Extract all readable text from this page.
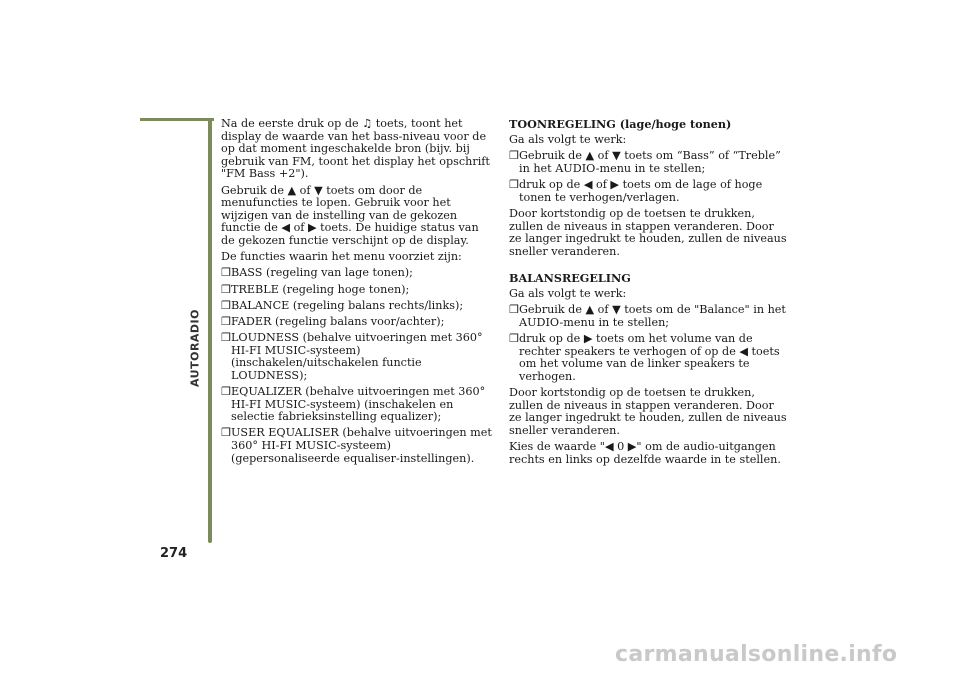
AUTORADIO
274

Na de eerste druk op de ♫ toets, toont het display de waarde van het bass-niveau voor de op dat moment ingeschakelde bron (bijv. bij gebruik van FM, toont het display het opschrift "FM Bass +2").

Gebruik de ▲ of ▼ toets om door de menufuncties te lopen. Gebruik voor het wijzigen van de instelling van de gekozen functie de ◀ of ▶ toets. De huidige status van de gekozen functie verschijnt op de display.

De functies waarin het menu voorziet zijn:

❒ BASS (regeling van lage tonen);
❒ TREBLE (regeling hoge tonen);
❒ BALANCE (regeling balans rechts/links);
❒ FADER (regeling balans voor/achter);
❒ LOUDNESS (behalve uitvoeringen met 360° HI-FI MUSIC-systeem) (inschakelen/uitschakelen functie LOUDNESS);
❒ EQUALIZER (behalve uitvoeringen met 360° HI-FI MUSIC-systeem) (inschakelen en selectie fabrieksinstelling equalizer);
❒ USER EQUALISER (behalve uitvoeringen met 360° HI-FI MUSIC-systeem) (gepersonaliseerde equaliser-instellingen).

TOONREGELING (lage/hoge tonen)

Ga als volgt te werk:

❒ Gebruik de ▲ of ▼ toets om “Bass” of “Treble” in het AUDIO-menu in te stellen;
❒ druk op de ◀ of ▶ toets om de lage of hoge tonen te verhogen/verlagen.

Door kortstondig op de toetsen te drukken, zullen de niveaus in stappen veranderen. Door ze langer ingedrukt te houden, zullen de niveaus sneller veranderen.

BALANSREGELING

Ga als volgt te werk:

❒ Gebruik de ▲ of ▼ toets om de "Balance" in het AUDIO-menu in te stellen;
❒ druk op de ▶ toets om het volume van de rechter speakers te verhogen of op de ◀ toets om het volume van de linker speakers te verhogen.

Door kortstondig op de toetsen te drukken, zullen de niveaus in stappen veranderen. Door ze langer ingedrukt te houden, zullen de niveaus sneller veranderen.

Kies de waarde "◀ 0 ▶" om de audio-uitgangen rechts en links op dezelfde waarde in te stellen.

carmanualsonline.info
